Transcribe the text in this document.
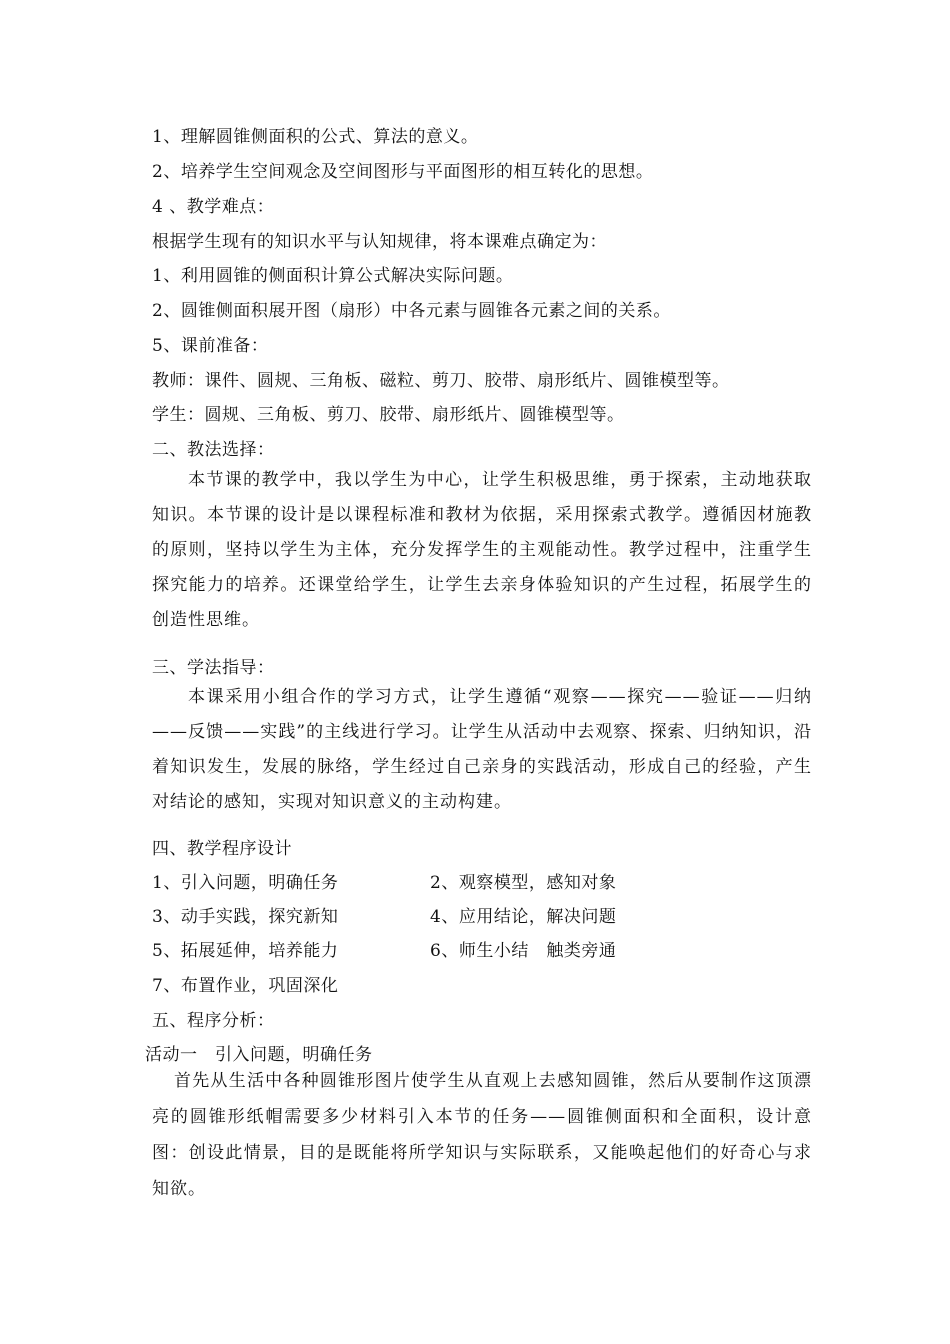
1、理解圆锥侧面积的公式、算法的意义。
2、培养学生空间观念及空间图形与平面图形的相互转化的思想。
4 、教学难点：
根据学生现有的知识水平与认知规律，将本课难点确定为：
1、利用圆锥的侧面积计算公式解决实际问题。
2、圆锥侧面积展开图（扇形）中各元素与圆锥各元素之间的关系。
5、课前准备：
教师：课件、圆规、三角板、磁粒、剪刀、胶带、扇形纸片、圆锥模型等。
学生：圆规、三角板、剪刀、胶带、扇形纸片、圆锥模型等。
二、教法选择：
本节课的教学中，我以学生为中心，让学生积极思维，勇于探索，主动地获取知识。本节课的设计是以课程标准和教材为依据，采用探索式教学。遵循因材施教的原则，坚持以学生为主体，充分发挥学生的主观能动性。教学过程中，注重学生探究能力的培养。还课堂给学生，让学生去亲身体验知识的产生过程，拓展学生的创造性思维。
三、学法指导：
本课采用小组合作的学习方式，让学生遵循“观察——探究——验证——归纳——反馈——实践”的主线进行学习。让学生从活动中去观察、探索、归纳知识，沿着知识发生，发展的脉络，学生经过自己亲身的实践活动，形成自己的经验，产生对结论的感知，实现对知识意义的主动构建。
四、教学程序设计
1、引入问题，明确任务	2、观察模型，感知对象
3、动手实践，探究新知	4、应用结论，解决问题
5、拓展延伸，培养能力	6、师生小结　触类旁通
7、布置作业，巩固深化
五、程序分析：
活动一　引入问题，明确任务
首先从生活中各种圆锥形图片使学生从直观上去感知圆锥，然后从要制作这顶漂亮的圆锥形纸帽需要多少材料引入本节的任务——圆锥侧面积和全面积，设计意图：创设此情景，目的是既能将所学知识与实际联系，又能唤起他们的好奇心与求知欲。
